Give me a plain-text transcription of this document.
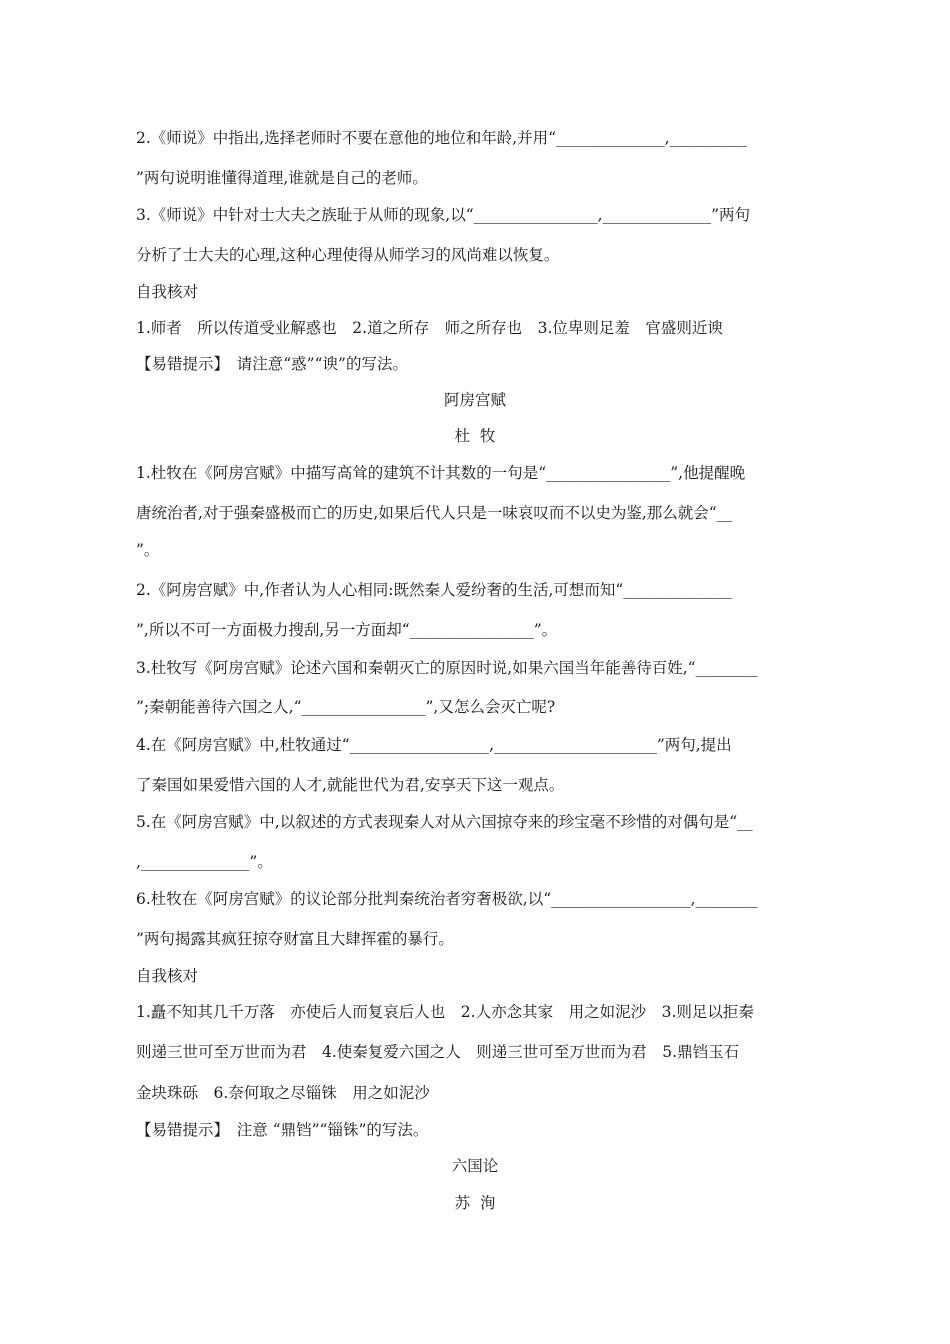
2.《师说》中指出,选择老师时不要在意他的地位和年龄,并用“______________,__________
”两句说明谁懂得道理,谁就是自己的老师。
3.《师说》中针对士大夫之族耻于从师的现象,以“________________,______________”两句
分析了士大夫的心理,这种心理使得从师学习的风尚难以恢复。
自我核对
1.师者　所以传道受业解惑也　2.道之所存　师之所存也　3.位卑则足羞　官盛则近谀
【易错提示】　请注意“惑”“谀”的写法。
阿房宫赋
杜  牧
1.杜牧在《阿房宫赋》中描写高耸的建筑不计其数的一句是“________________”,他提醒晚
唐统治者,对于强秦盛极而亡的历史,如果后代人只是一味哀叹而不以史为鉴,那么就会“__
”。
2.《阿房宫赋》中,作者认为人心相同:既然秦人爱纷奢的生活,可想而知“______________
”,所以不可一方面极力搜刮,另一方面却“________________”。
3.杜牧写《阿房宫赋》论述六国和秦朝灭亡的原因时说,如果六国当年能善待百姓,“________
”;秦朝能善待六国之人,“________________”,又怎么会灭亡呢?
4.在《阿房宫赋》中,杜牧通过“__________________,_____________________”两句,提出
了秦国如果爱惜六国的人才,就能世代为君,安享天下这一观点。
5.在《阿房宫赋》中,以叙述的方式表现秦人对从六国掠夺来的珍宝毫不珍惜的对偶句是“__
,______________”。
6.杜牧在《阿房宫赋》的议论部分批判秦统治者穷奢极欲,以“__________________,________
”两句揭露其疯狂掠夺财富且大肆挥霍的暴行。
自我核对
1.矗不知其几千万落　亦使后人而复哀后人也　2.人亦念其家　用之如泥沙　3.则足以拒秦
则递三世可至万世而为君　4.使秦复爱六国之人　则递三世可至万世而为君　5.鼎铛玉石
金块珠砾　6.奈何取之尽锱铢　用之如泥沙
【易错提示】　注意 “鼎铛”“锱铢”的写法。
六国论
苏  洵
